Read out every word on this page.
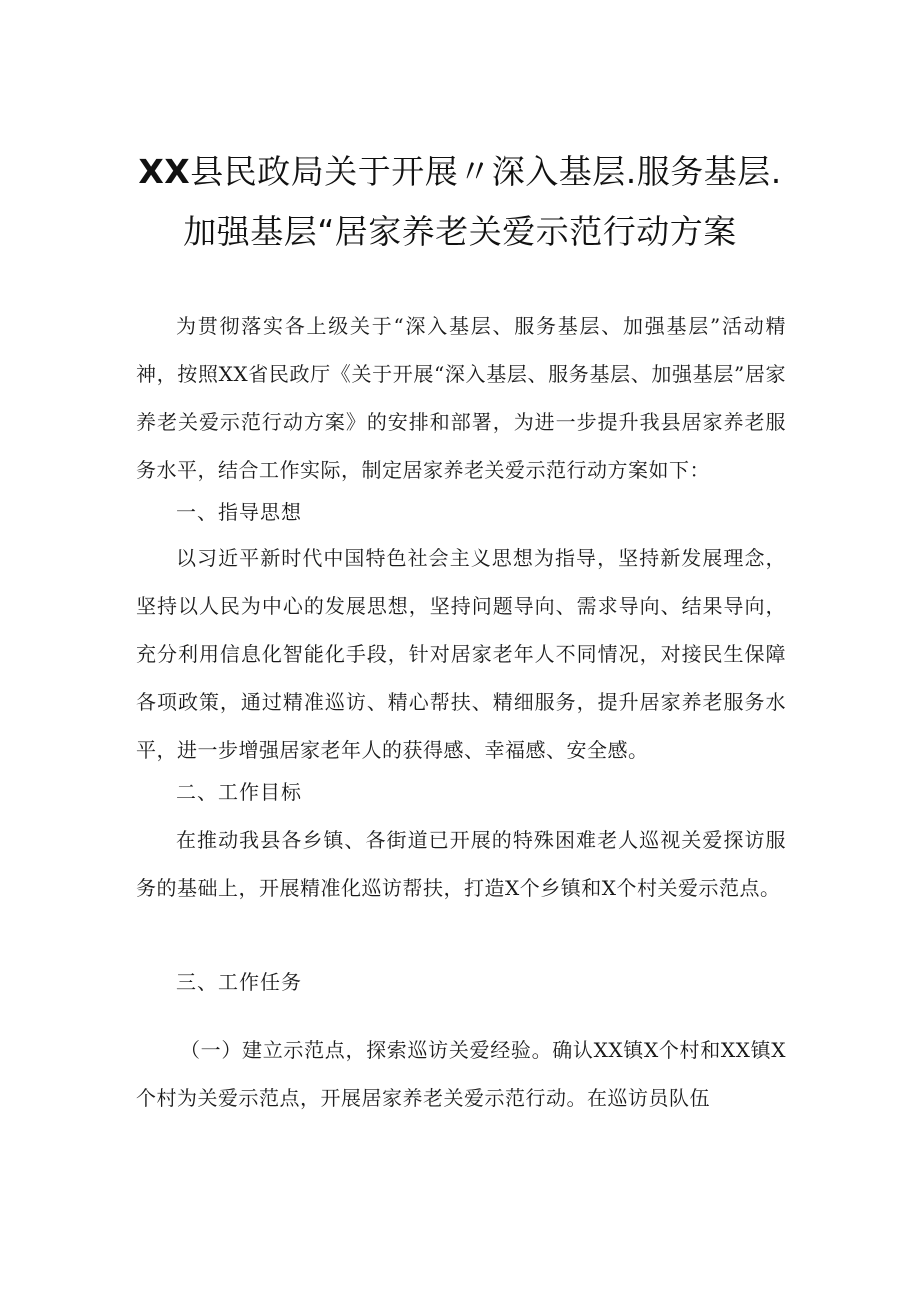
XX县民政局关于开展〃深入基层.服务基层.
加强基层“居家养老关爱示范行动方案
为贯彻落实各上级关于“深入基层、服务基层、加强基层”活动精神，按照XX省民政厅《关于开展“深入基层、服务基层、加强基层”居家养老关爱示范行动方案》的安排和部署，为进一步提升我县居家养老服务水平，结合工作实际，制定居家养老关爱示范行动方案如下：
一、指导思想
以习近平新时代中国特色社会主义思想为指导，坚持新发展理念，坚持以人民为中心的发展思想，坚持问题导向、需求导向、结果导向，充分利用信息化智能化手段，针对居家老年人不同情况，对接民生保障各项政策，通过精准巡访、精心帮扶、精细服务，提升居家养老服务水平，进一步增强居家老年人的获得感、幸福感、安全感。
二、工作目标
在推动我县各乡镇、各街道已开展的特殊困难老人巡视关爱探访服务的基础上，开展精准化巡访帮扶，打造X个乡镇和X个村关爱示范点。
三、工作任务
（一）建立示范点，探索巡访关爱经验。确认XX镇X个村和XX镇X个村为关爱示范点，开展居家养老关爱示范行动。在巡访员队伍
